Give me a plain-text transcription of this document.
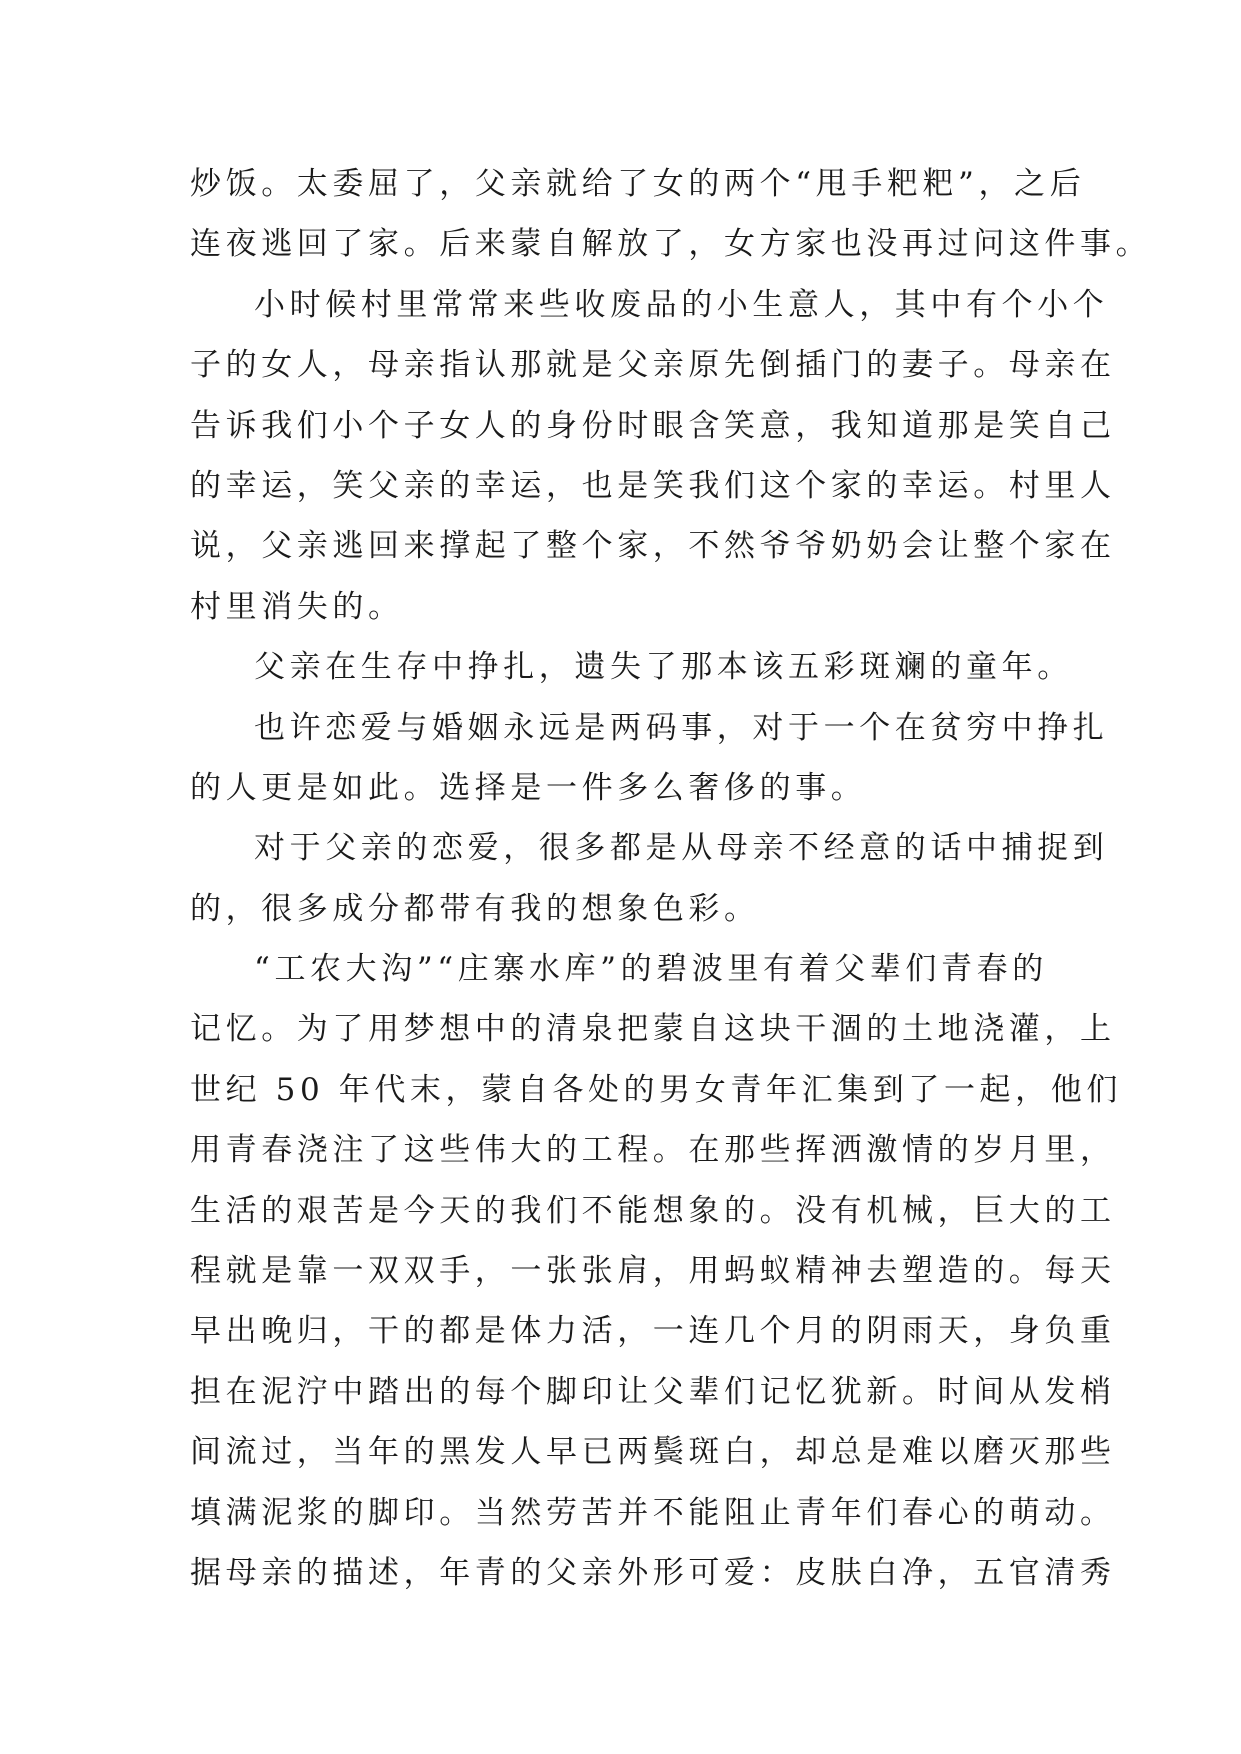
炒饭。太委屈了，父亲就给了女的两个“甩手粑粑”，之后
连夜逃回了家。后来蒙自解放了，女方家也没再过问这件事。
小时候村里常常来些收废品的小生意人，其中有个小个
子的女人，母亲指认那就是父亲原先倒插门的妻子。母亲在
告诉我们小个子女人的身份时眼含笑意，我知道那是笑自己
的幸运，笑父亲的幸运，也是笑我们这个家的幸运。村里人
说，父亲逃回来撑起了整个家，不然爷爷奶奶会让整个家在
村里消失的。
父亲在生存中挣扎，遗失了那本该五彩斑斓的童年。
也许恋爱与婚姻永远是两码事，对于一个在贫穷中挣扎
的人更是如此。选择是一件多么奢侈的事。
对于父亲的恋爱，很多都是从母亲不经意的话中捕捉到
的，很多成分都带有我的想象色彩。
“工农大沟”“庄寨水库”的碧波里有着父辈们青春的
记忆。为了用梦想中的清泉把蒙自这块干涸的土地浇灌，上
世纪 50 年代末，蒙自各处的男女青年汇集到了一起，他们
用青春浇注了这些伟大的工程。在那些挥洒激情的岁月里，
生活的艰苦是今天的我们不能想象的。没有机械，巨大的工
程就是靠一双双手，一张张肩，用蚂蚁精神去塑造的。每天
早出晚归，干的都是体力活，一连几个月的阴雨天，身负重
担在泥泞中踏出的每个脚印让父辈们记忆犹新。时间从发梢
间流过，当年的黑发人早已两鬓斑白，却总是难以磨灭那些
填满泥浆的脚印。当然劳苦并不能阻止青年们春心的萌动。
据母亲的描述，年青的父亲外形可爱：皮肤白净，五官清秀
